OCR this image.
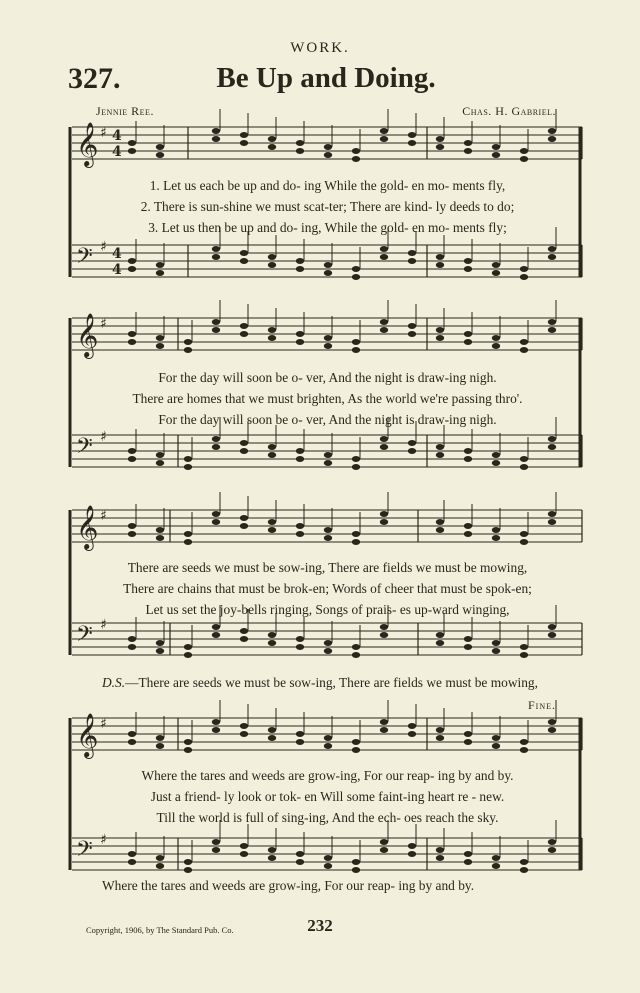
WORK.
327.	Be Up and Doing.
Jennie Ree.	Chas. H. Gabriel.
𝄞 ♯
𝄢 ♯
𝄞 ♯
𝄢 ♯
𝄞 ♯
𝄢 ♯
𝄞 ♯
𝄢 ♯
4
4
4
4
1. Let us each be up and do- ing While the gold- en mo- ments fly,
2. There is sun-shine we must scat-ter; There are kind- ly deeds to do;
3. Let us then be up and do- ing, While the gold- en mo- ments fly;
For the day will soon be o- ver, And the night is draw-ing nigh.
There are homes that we must brighten, As the world we're passing thro'.
For the day will soon be o- ver, And the night is draw-ing nigh.
There are seeds we must be sow-ing, There are fields we must be mowing,
There are chains that must be brok-en; Words of cheer that must be spok-en;
Let us set the joy-bells ringing, Songs of prais- es up-ward winging,
D.S.—There are seeds we must be sow-ing, There are fields we must be mowing,
Fine.
Where the tares and weeds are grow-ing, For our reap- ing by and by.
Just a friend- ly look or tok- en Will some faint-ing heart re - new.
Till the world is full of sing-ing, And the ech- oes reach the sky.
Where the tares and weeds are grow-ing, For our reap- ing by and by.
Copyright, 1906, by The Standard Pub. Co.	232
